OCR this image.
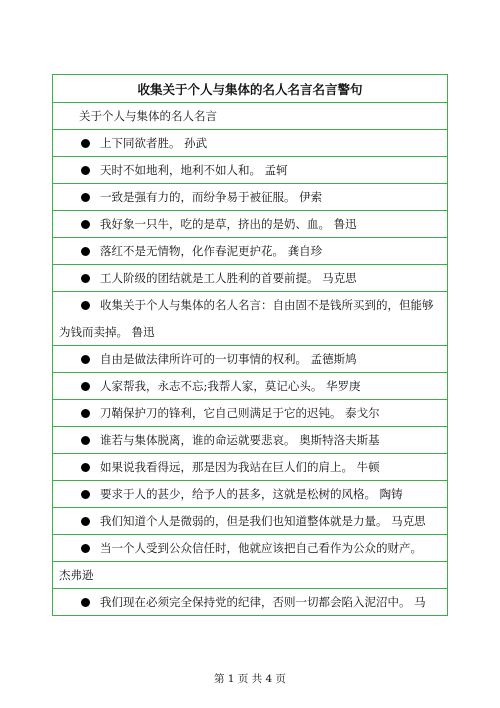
收集关于个人与集体的名人名言名言警句
关于个人与集体的名人名言
上下同欲者胜。 孙武
天时不如地利，地利不如人和。 孟轲
一致是强有力的，而纷争易于被征服。 伊索
我好象一只牛，吃的是草，挤出的是奶、血。 鲁迅
落红不是无情物，化作春泥更护花。 龚自珍
工人阶级的团结就是工人胜利的首要前提。 马克思
收集关于个人与集体的名人名言：自由固不是钱所买到的，但能够
为钱而卖掉。 鲁迅
自由是做法律所许可的一切事情的权利。 孟德斯鸠
人家帮我，永志不忘;我帮人家，莫记心头。 华罗庚
刀鞘保护刀的锋利，它自己则满足于它的迟钝。 泰戈尔
谁若与集体脱离，谁的命运就要悲哀。 奥斯特洛夫斯基
如果说我看得远，那是因为我站在巨人们的肩上。 牛顿
要求于人的甚少，给予人的甚多，这就是松树的风格。 陶铸
我们知道个人是微弱的，但是我们也知道整体就是力量。 马克思
当一个人受到公众信任时，他就应该把自己看作为公众的财产。
杰弗逊
我们现在必须完全保持党的纪律，否则一切都会陷入泥沼中。 马
第 1 页 共 4 页
